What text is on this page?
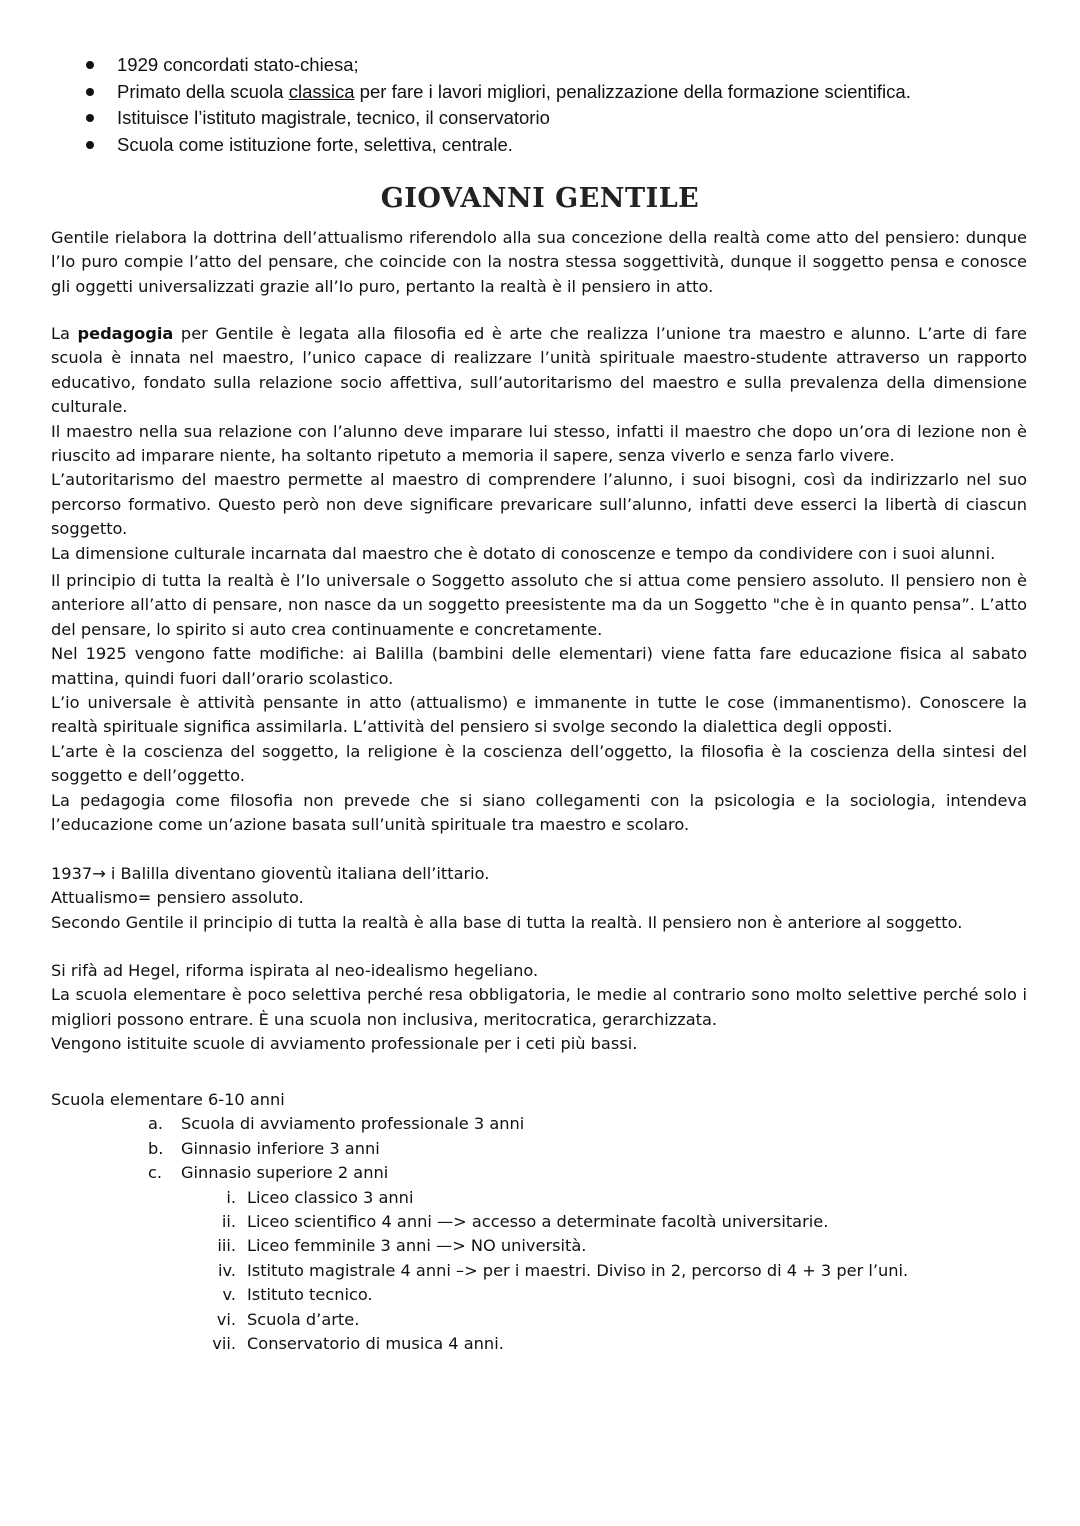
1929 concordati stato-chiesa;
Primato della scuola classica per fare i lavori migliori, penalizzazione della formazione scientifica.
Istituisce l’istituto magistrale, tecnico, il conservatorio
Scuola come istituzione forte, selettiva, centrale.
GIOVANNI GENTILE

Gentile rielabora la dottrina dell’attualismo riferendolo alla sua concezione della realtà come atto del pensiero: dunque l’Io puro compie l’atto del pensare, che coincide con la nostra stessa soggettività, dunque il soggetto pensa e conosce gli oggetti universalizzati grazie all’Io puro, pertanto la realtà è il pensiero in atto.

La pedagogia per Gentile è legata alla filosofia ed è arte che realizza l’unione tra maestro e alunno. L’arte di fare scuola è innata nel maestro, l’unico capace di realizzare l’unità spirituale maestro-studente attraverso un rapporto educativo, fondato sulla relazione socio affettiva, sull’autoritarismo del maestro e sulla prevalenza della dimensione culturale.

Il maestro nella sua relazione con l’alunno deve imparare lui stesso, infatti il maestro che dopo un’ora di lezione non è riuscito ad imparare niente, ha soltanto ripetuto a memoria il sapere, senza viverlo e senza farlo vivere.

L’autoritarismo del maestro permette al maestro di comprendere l’alunno, i suoi bisogni, così da indirizzarlo nel suo percorso formativo. Questo però non deve significare prevaricare sull’alunno, infatti deve esserci la libertà di ciascun soggetto.

La dimensione culturale incarnata dal maestro che è dotato di conoscenze e tempo da condividere con i suoi alunni.

Il principio di tutta la realtà è l’Io universale o Soggetto assoluto che si attua come pensiero assoluto. Il pensiero non è anteriore all’atto di pensare, non nasce da un soggetto preesistente ma da un Soggetto "che è in quanto pensa”. L’atto del pensare, lo spirito si auto crea continuamente e concretamente.

Nel 1925 vengono fatte modifiche: ai Balilla (bambini delle elementari) viene fatta fare educazione fisica al sabato mattina, quindi fuori dall’orario scolastico.

L’io universale è attività pensante in atto (attualismo) e immanente in tutte le cose (immanentismo). Conoscere la realtà spirituale significa assimilarla. L’attività del pensiero si svolge secondo la dialettica degli opposti.

L’arte è la coscienza del soggetto, la religione è la coscienza dell’oggetto, la filosofia è la coscienza della sintesi del soggetto e dell’oggetto.

La pedagogia come filosofia non prevede che si siano collegamenti con la psicologia e la sociologia, intendeva l’educazione come un’azione basata sull’unità spirituale tra maestro e scolaro.

1937→ i Balilla diventano gioventù italiana dell’ittario.

Attualismo= pensiero assoluto.

Secondo Gentile il principio di tutta la realtà è alla base di tutta la realtà. Il pensiero non è anteriore al soggetto.

Si rifà ad Hegel, riforma ispirata al neo-idealismo hegeliano.

La scuola elementare è poco selettiva perché resa obbligatoria, le medie al contrario sono molto selettive perché solo i migliori possono entrare. È una scuola non inclusiva, meritocratica, gerarchizzata.

Vengono istituite scuole di avviamento professionale per i ceti più bassi.

Scuola elementare 6-10 anni

a.	Scuola di avviamento professionale 3 anni
b.	Ginnasio inferiore 3 anni
c.	Ginnasio superiore 2 anni
i. Liceo classico 3 anni
ii. Liceo scientifico 4 anni —> accesso a determinate facoltà universitarie.
iii. Liceo femminile 3 anni —> NO università.
iv. Istituto magistrale 4 anni –> per i maestri. Diviso in 2, percorso di 4 + 3 per l’uni.
v. Istituto tecnico.
vi. Scuola d’arte.
vii. Conservatorio di musica 4 anni.
